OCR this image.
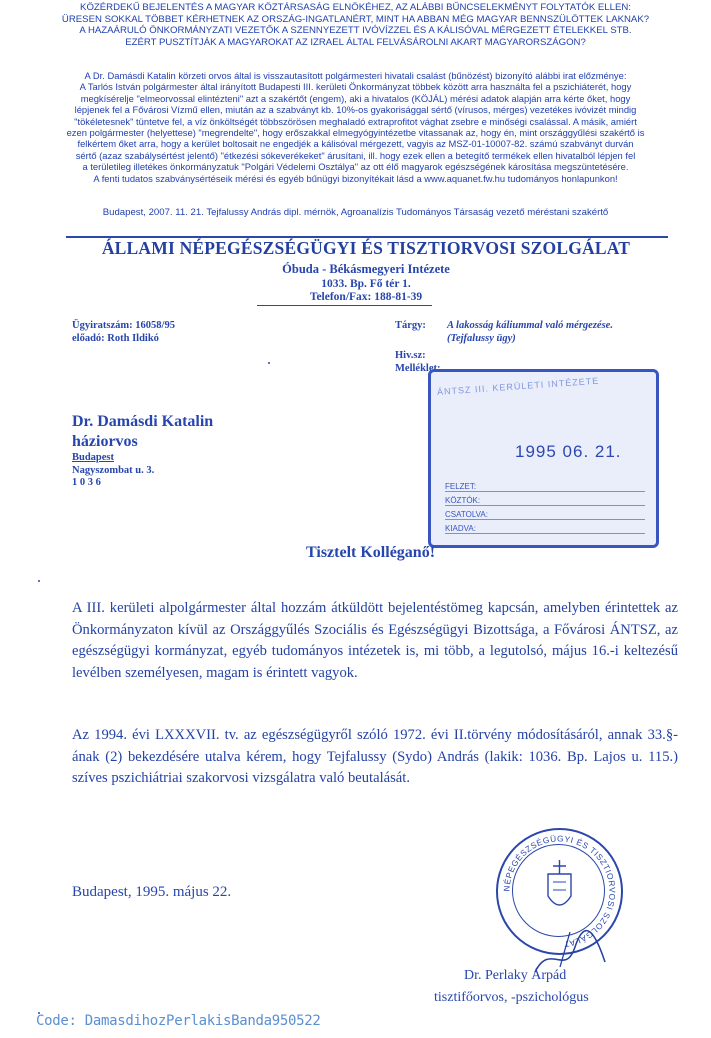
KÖZÉRDEKŰ BEJELENTÉS A MAGYAR KÖZTÁRSASÁG ELNÖKÉHEZ, AZ ALÁBBI BŰNCSELEKMÉNYT FOLYTATÓK ELLEN:
ÜRESEN SOKKAL TÖBBET KÉRHETNEK AZ ORSZÁG-INGATLANÉRT, MINT HA ABBAN MÉG MAGYAR BENNSZÜLÖTTEK LAKNAK?
A HAZAÁRULÓ ÖNKORMÁNYZATI VEZETŐK A SZENNYEZETT IVÓVÍZZEL ÉS A KÁLISÓVAL MÉRGEZETT ÉTELEKKEL STB.
EZÉRT PUSZTÍTJÁK A MAGYAROKAT AZ IZRAEL ÁLTAL FELVÁSÁROLNI AKART MAGYARORSZÁGON?
A Dr. Damásdi Katalin körzeti orvos által is visszautasított polgármesteri hivatali csalást (bűnözést) bizonyító alábbi irat előzménye:
A Tarlós István polgármester által irányított Budapesti III. kerületi Önkormányzat többek között arra használta fel a pszichiáterét, hogy
megkísérelje "elmeorvossal elintézteni" azt a szakértőt (engem), aki a hivatalos (KÖJÁL) mérési adatok alapján arra kérte őket, hogy
lépjenek fel a Fővárosi Vízmű ellen, miután az a szabványt kb. 10%-os gyakorisággal sértő (vírusos, mérges) vezetékes ivóvizét mindig
"tökéletesnek" tüntetve fel, a víz önköltségét többszörösen meghaladó extraprofitot vághat zsebre e minőségi csalással. A másik, amiért
ezen polgármester (helyettese) "megrendelte", hogy erőszakkal elmegyógyintézetbe vitassanak az, hogy én, mint országgyűlési szakértő is
felkértem őket arra, hogy a kerület boltosait ne engedjék a kálisóval mérgezett, vagyis az MSZ-01-10007-82. számú szabványt durván
sértő (azaz szabálysértést jelentő) "étkezési sókeverékeket" árusítani, ill. hogy ezek ellen a betegítő termékek ellen hivatalból lépjen fel
a területileg illetékes önkormányzatuk "Polgári Védelemi Osztálya" az ott élő magyarok egészségének károsítása megszüntetésére.
A fenti tudatos szabványsértéseik mérési és egyéb bűnügyi bizonyítékait lásd a www.aquanet.fw.hu tudományos honlapunkon!
Budapest, 2007. 11. 21. Tejfalussy András dipl. mérnök, Agroanalízis Tudományos Társaság vezető méréstani szakértő
ÁLLAMI NÉPEGÉSZSÉGÜGYI ÉS TISZTIORVOSI SZOLGÁLAT
Óbuda - Békásmegyeri Intézete
1033. Bp. Fő tér 1.
Telefon/Fax: 188-81-39
Ügyiratszám: 16058/95
előadó: Roth Ildikó
Tárgy:	A lakosság káliummal való mérgezése.
(Tejfalussy ügy)
Hiv.sz:
Melléklet:
ÁNTSZ III. KERÜLETI INTÉZETE
1995 06. 21.
FELZET:
KÖZTÓK:
CSATOLVA:
KIADVA:
Dr. Damásdi Katalin
háziorvos
Budapest
Nagyszombat u. 3.
1 0 3 6
Tisztelt Kolléganő!
A III. kerületi alpolgármester által hozzám átküldött bejelentéstömeg kapcsán, amelyben érintettek az Önkormányzaton kívül az Országgyűlés Szociális és Egészségügyi Bizottsága, a Fővárosi ÁNTSZ, az egészségügyi kormányzat, egyéb tudományos intézetek is, mi több, a legutolsó, május 16.-i keltezésű levélben személyesen, magam is érintett vagyok.
Az 1994. évi LXXXVII. tv. az egészségügyről szóló 1972. évi II.törvény módosításáról, annak 33.§-ának (2) bekezdésére utalva kérem, hogy Tejfalussy (Sydo) András (lakik: 1036. Bp. Lajos u. 115.) szíves pszichiátriai szakorvosi vizsgálatra való beutalását.
Budapest, 1995. május 22.	NÉPEGÉSZSÉGÜGYI ÉS TISZTIORVOSI SZOLGÁLAT
Dr. Perlaky Árpád
tisztifőorvos, -pszichológus
Code: DamasdihozPerlakisBanda950522
